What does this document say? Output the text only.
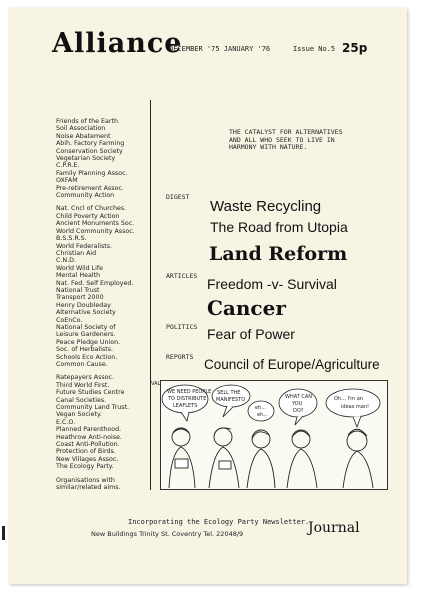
Alliance
DECEMBER '75 JANUARY '76	Issue No.5 25p
Friends of the Earth
Soil Association
Noise Abatement
Abih. Factory Farming
Conservation Society
Vegetarian Society
C.P.R.E.
Family Planning Assoc.
OXFAM
Pre-retirement Assoc.
Community Action
Nat. Cncl of Churches.
Child Poverty Action
Ancient Monuments Soc.
World Community Assoc.
B.S.S.R.S.
World Federalists.
Christian Aid
C.N.D.
World Wild Life
Mental Health
Nat. Fed. Self Employed.
National Trust
Transport 2000
Henry Doubleday
Alternative Society
CoEnCo.
National Society of
Leisure Gardeners.
Peace Pledge Union.
Soc. of Herbalists.
Schools Eco Action.
Common Cause.
Ratepayers Assoc.
Third World First.
Future Studies Centre
Canal Societies.
Community Land Trust.
Vegan Society.
E.C.O.
Planned Parenthood.
Heathrow Anti-noise.
Coast Anti-Pollution.
Protection of Birds.
New Villages Assoc.
The Ecology Party.
Organisations with
similar/related aims.
THE CATALYST FOR ALTERNATIVES
AND ALL WHO SEEK TO LIVE IN
HARMONY WITH NATURE.
DIGEST
Waste Recycling
The Road from Utopia
Land Reform
ARTICLES Freedom -v- Survival
Cancer
POLITICS Fear of Power
REPORTS Council of Europe/Agriculture
VAL
WE NEED PEOPLE
TO DISTRIBUTE
LEAFLETS
SELL THE
MANIFESTO
eh...
eh...
WHAT CAN
YOU
DO?
Oh... I'm an
ideas man!
Incorporating the Ecology Party Newsletter.
New Buildings Trinity St. Coventry Tel. 22048/9	Journal
